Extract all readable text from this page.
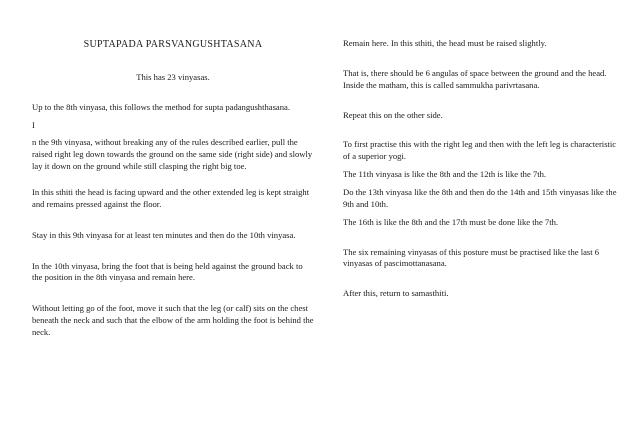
SUPTAPADA PARSVANGUSHTASANA

This has 23 vinyasas.

Up to the 8th vinyasa, this follows the method for supta padangushthasana.

I

n the 9th vinyasa, without breaking any of the rules described earlier, pull the raised right leg down towards the ground on the same side (right side) and slowly lay it down on the ground while still clasping the right big toe.

In this sthiti the head is facing upward and the other extended leg is kept straight and remains pressed against the floor.

Stay in this 9th vinyasa for at least ten minutes and then do the 10th vinyasa.

In the 10th vinyasa, bring the foot that is being held against the ground back to the position in the 8th vinyasa and remain here.

Without letting go of the foot, move it such that the leg (or calf) sits on the chest beneath the neck and such that the elbow of the arm holding the foot is behind the neck.

Remain here. In this sthiti, the head must be raised slightly.

That is, there should be 6 angulas of space between the ground and the head. Inside the matham, this is called sammukha parivrtasana.

Repeat this on the other side.

To first practise this with the right leg and then with the left leg is characteristic of a superior yogi.

The 11th vinyasa is like the 8th and the 12th is like the 7th.

Do the 13th vinyasa like the 8th and then do the 14th and 15th vinyasas like the 9th and 10th.

The 16th is like the 8th and the 17th must be done like the 7th.

The six remaining vinyasas of this posture must be practised like the last 6 vinyasas of pascimottanasana.

After this, return to samasthiti.
